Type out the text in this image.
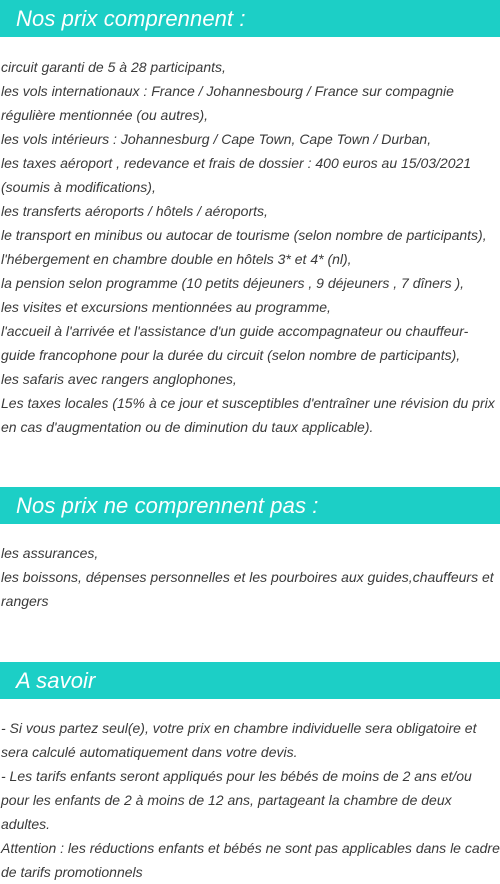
Nos prix comprennent :
circuit garanti de 5 à 28 participants,
les vols internationaux : France / Johannesbourg / France sur compagnie régulière mentionnée (ou autres),
les vols intérieurs : Johannesburg / Cape Town, Cape Town / Durban,
les taxes aéroport , redevance et frais de dossier : 400 euros au 15/03/2021 (soumis à modifications),
les transferts aéroports / hôtels / aéroports,
le transport en minibus ou autocar de tourisme (selon nombre de participants),
l'hébergement en chambre double en hôtels 3* et 4* (nl),
la pension selon programme (10 petits déjeuners , 9 déjeuners , 7 dîners ),
les visites et excursions mentionnées au programme,
l'accueil à l'arrivée et l'assistance d'un guide accompagnateur ou chauffeur-guide francophone pour la durée du circuit (selon nombre de participants),
les safaris avec rangers anglophones,
Les taxes locales (15% à ce jour et susceptibles d'entraîner une révision du prix en cas d'augmentation ou de diminution du taux applicable).
Nos prix ne comprennent pas :
les assurances,
les boissons, dépenses personnelles et les pourboires aux guides,chauffeurs et rangers
A savoir
- Si vous partez seul(e), votre prix en chambre individuelle sera obligatoire et sera calculé automatiquement dans votre devis.
- Les tarifs enfants seront appliqués pour les bébés de moins de 2 ans et/ou pour les enfants de 2 à moins de 12 ans, partageant la chambre de deux adultes.
Attention : les réductions enfants et bébés ne sont pas applicables dans le cadre de tarifs promotionnels
